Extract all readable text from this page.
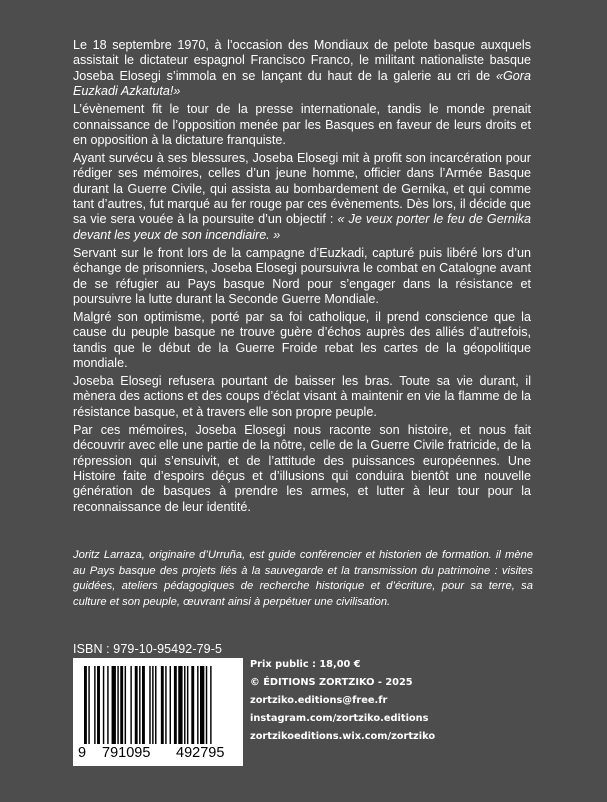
Le 18 septembre 1970, à l’occasion des Mondiaux de pelote basque auxquels assistait le dictateur espagnol Francisco Franco, le militant nationaliste basque Joseba Elosegi s’immola en se lançant du haut de la galerie au cri de «Gora Euzkadi Azkatuta!»

L’évènement fit le tour de la presse internationale, tandis le monde prenait connaissance de l’opposition menée par les Basques en faveur de leurs droits et en opposition à la dictature franquiste.

Ayant survécu à ses blessures, Joseba Elosegi mit à profit son incarcération pour rédiger ses mémoires, celles d’un jeune homme, officier dans l’Armée Basque durant la Guerre Civile, qui assista au bombardement de Gernika, et qui comme tant d’autres, fut marqué au fer rouge par ces évènements. Dès lors, il décide que sa vie sera vouée à la poursuite d’un objectif : « Je veux porter le feu de Gernika devant les yeux de son incendiaire. »

Servant sur le front lors de la campagne d’Euzkadi, capturé puis libéré lors d’un échange de prisonniers, Joseba Elosegi poursuivra le combat en Catalogne avant de se réfugier au Pays basque Nord pour s’engager dans la résistance et poursuivre la lutte durant la Seconde Guerre Mondiale.

Malgré son optimisme, porté par sa foi catholique, il prend conscience que la cause du peuple basque ne trouve guère d’échos auprès des alliés d’autrefois, tandis que le début de la Guerre Froide rebat les cartes de la géopolitique mondiale.

Joseba Elosegi refusera pourtant de baisser les bras. Toute sa vie durant, il mènera des actions et des coups d’éclat visant à maintenir en vie la flamme de la résistance basque, et à travers elle son propre peuple.

Par ces mémoires, Joseba Elosegi nous raconte son histoire, et nous fait découvrir avec elle une partie de la nôtre, celle de la Guerre Civile fratricide, de la répression qui s’ensuivit, et de l’attitude des puissances européennes. Une Histoire faite d’espoirs déçus et d’illusions qui conduira bientôt une nouvelle génération de basques à prendre les armes, et lutter à leur tour pour la reconnaissance de leur identité.

Joritz Larraza, originaire d’Urruña, est guide conférencier et historien de formation. il mène au Pays basque des projets liés à la sauvegarde et la transmission du patrimoine : visites guidées, ateliers pédagogiques de recherche historique et d’écriture, pour sa terre, sa culture et son peuple, œuvrant ainsi à perpétuer une civilisation.

ISBN : 979-10-95492-79-5
9 791095 492795
Prix public : 18,00 €
© ÉDITIONS ZORTZIKO - 2025
zortziko.editions@free.fr
instagram.com/zortziko.editions
zortzikoeditions.wix.com/zortziko
